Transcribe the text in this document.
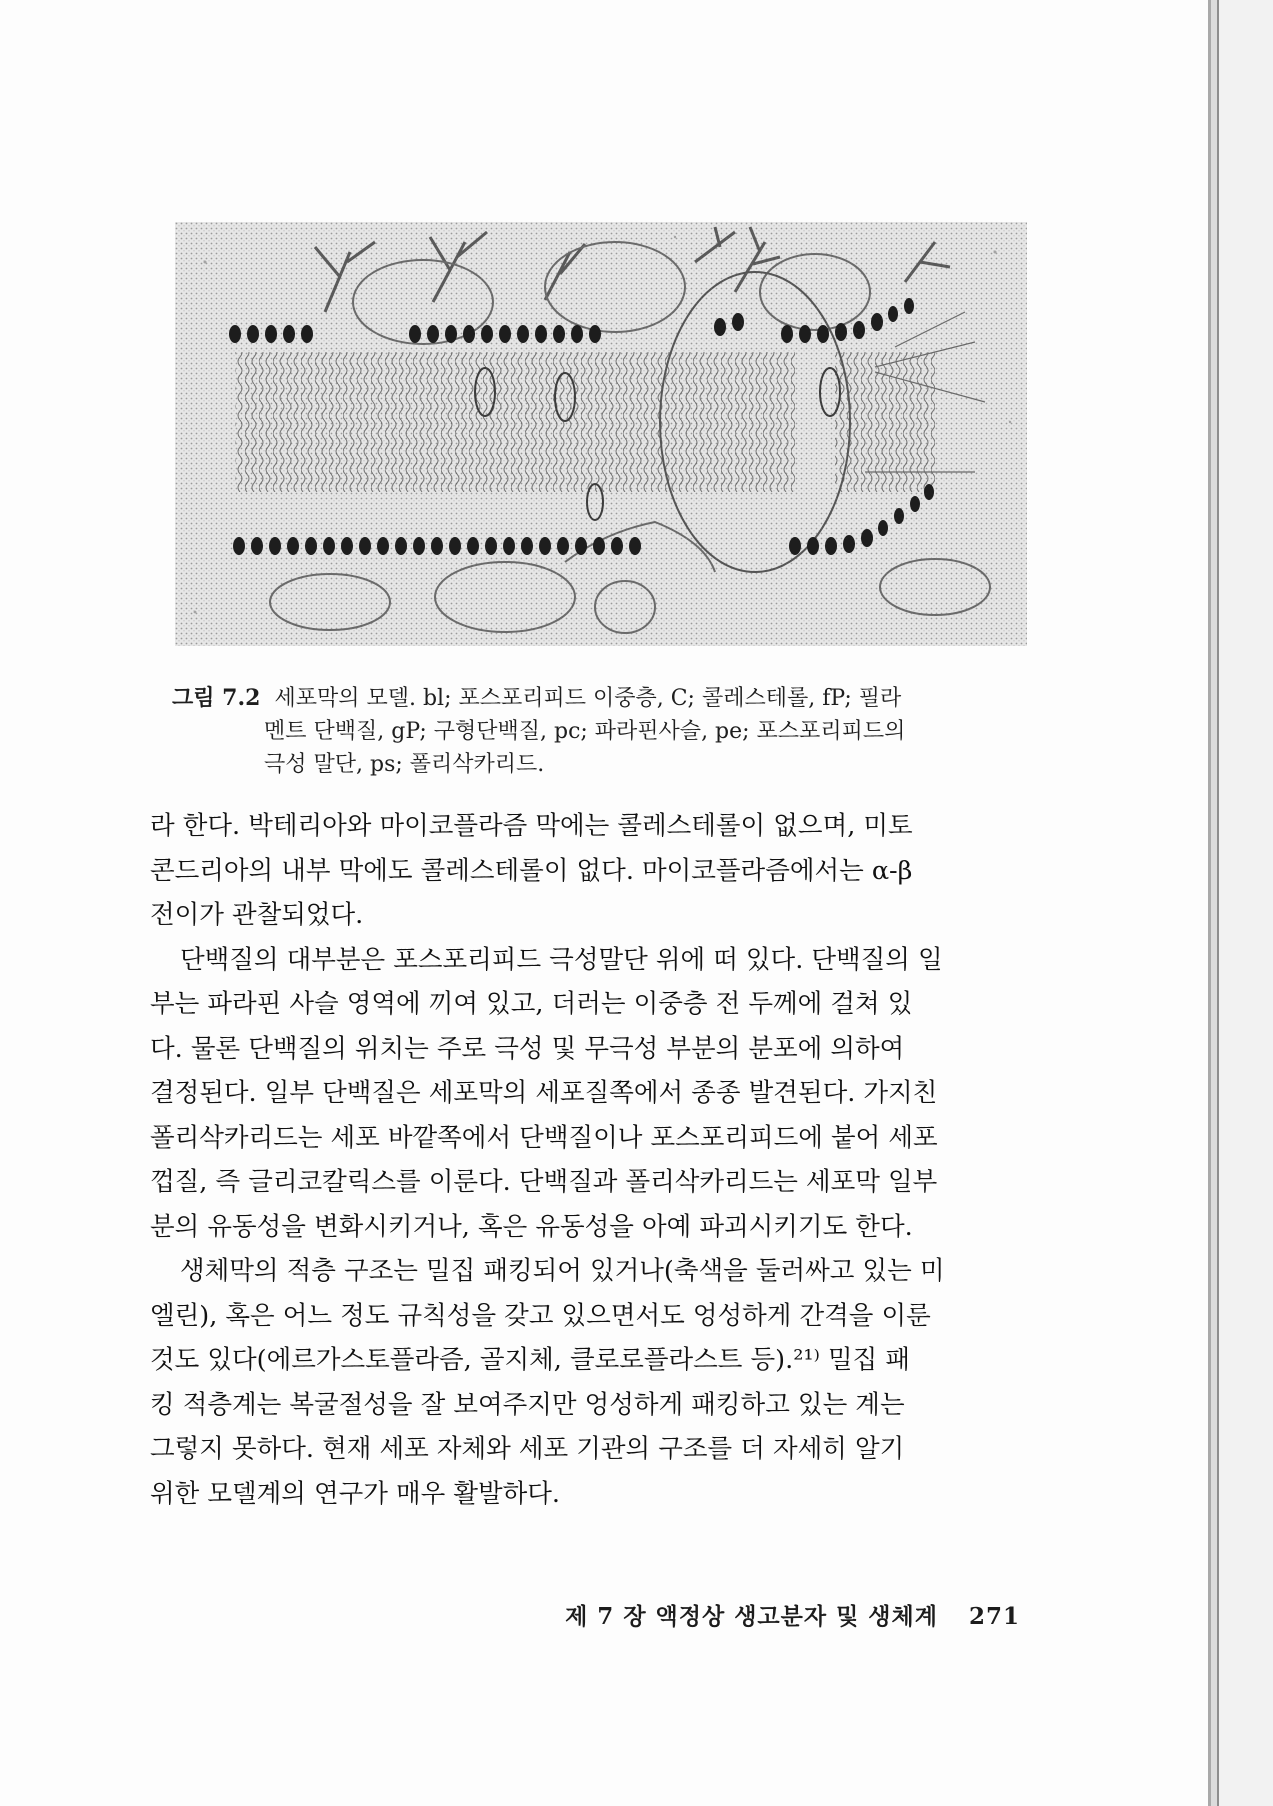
그림 7.2 세포막의 모델. bl; 포스포리피드 이중층, C; 콜레스테롤, fP; 필라
멘트 단백질, gP; 구형단백질, pc; 파라핀사슬, pe; 포스포리피드의
극성 말단, ps; 폴리삭카리드.

라 한다. 박테리아와 마이코플라즘 막에는 콜레스테롤이 없으며, 미토
콘드리아의 내부 막에도 콜레스테롤이 없다. 마이코플라즘에서는 α-β
전이가 관찰되었다.

단백질의 대부분은 포스포리피드 극성말단 위에 떠 있다. 단백질의 일
부는 파라핀 사슬 영역에 끼여 있고, 더러는 이중층 전 두께에 걸쳐 있
다. 물론 단백질의 위치는 주로 극성 및 무극성 부분의 분포에 의하여
결정된다. 일부 단백질은 세포막의 세포질쪽에서 종종 발견된다. 가지친
폴리삭카리드는 세포 바깥쪽에서 단백질이나 포스포리피드에 붙어 세포
껍질, 즉 글리코칼릭스를 이룬다. 단백질과 폴리삭카리드는 세포막 일부
분의 유동성을 변화시키거나, 혹은 유동성을 아예 파괴시키기도 한다.

생체막의 적층 구조는 밀집 패킹되어 있거나(축색을 둘러싸고 있는 미
엘린), 혹은 어느 정도 규칙성을 갖고 있으면서도 엉성하게 간격을 이룬
것도 있다(에르가스토플라즘, 골지체, 클로로플라스트 등).²¹⁾ 밀집 패
킹 적층계는 복굴절성을 잘 보여주지만 엉성하게 패킹하고 있는 계는
그렇지 못하다. 현재 세포 자체와 세포 기관의 구조를 더 자세히 알기
위한 모델계의 연구가 매우 활발하다.

제 7 장 액정상 생고분자 및 생체계 271
